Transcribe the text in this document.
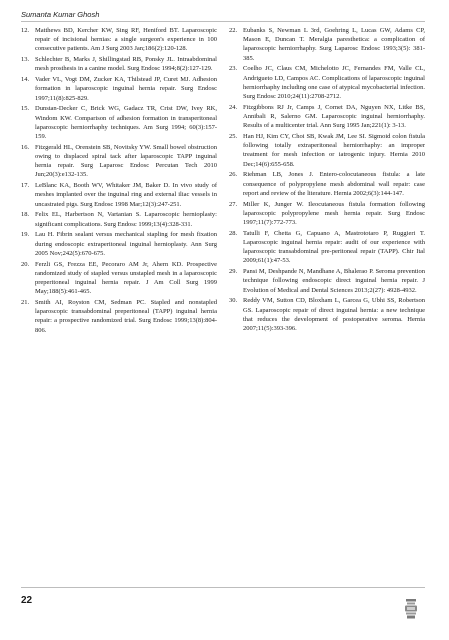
Sumanta Kumar Ghosh
12. Matthews BD, Kercher KW, Sing RF, Heniford BT. Laparoscopic repair of incisional hernias: a single surgeon's experience in 100 consecutive patients. Am J Surg 2003 Jan;186(2):120-128.
13. Schlechter B, Marks J, Shillingstad RB, Ponsky JL. Intraabdominal mesh prosthesis in a canine model. Surg Endosc 1994;8(2):127-129.
14. Vader VL, Vogt DM, Zucker KA, Thilstead JP, Curet MJ. Adhesion formation in laparoscopic inguinal hernia repair. Surg Endosc 1997;11(8):825-829.
15. Dunstan-Decker C, Brick WG, Gadacz TR, Crist DW, Ivey RK, Windom KW. Comparison of adhesion formation in transperitoneal laparoscopic herniorrhaphy techniques. Am Surg 1994; 60(3):157-159.
16. Fitzgerald HL, Orenstein SB, Novitsky YW. Small bowel obstruction owing to displaced spiral tack after laparoscopic TAPP inguinal hernia repair. Surg Laparosc Endosc Percutan Tech 2010 Jun;20(3):e132-135.
17. LeBlanc KA, Booth WV, Whitaker JM, Baker D. In vivo study of meshes implanted over the inguinal ring and external iliac vessels in uncastrated pigs. Surg Endosc 1998 Mar;12(3):247-251.
18. Felix EL, Harbertson N, Vartanian S. Laparoscopic hernioplasty: significant complications. Surg Endosc 1999;13(4):328-331.
19. Lau H. Fibrin sealant versus mechanical stapling for mesh fixation during endoscopic extraperitoneal inguinal hernioplasty. Ann Surg 2005 Nov;242(5):670-675.
20. Ferzli GS, Frezza EE, Pecoraro AM Jr, Ahern KD. Prospective randomized study of stapled versus unstapled mesh in a laparoscopic preperitoneal inguinal hernia repair. J Am Coll Surg 1999 May;188(5):461-465.
21. Smith AI, Royston CM, Sedman PC. Stapled and nonstapled laparoscopic transabdominal preperitoneal (TAPP) inguinal hernia repair: a prospective randomized trial. Surg Endosc 1999;13(8):804-806.
22. Eubanks S, Newman L 3rd, Goehring L, Lucas GW, Adams CP, Mason E, Duncan T. Meralgia paresthetica: a complication of laparoscopic herniorrhaphy. Surg Laparosc Endosc 1993;3(5): 381-385.
23. Coelho JC, Claus CM, Michelotto JC, Fernandes FM, Valle CL, Andrigueto LD, Campos AC. Complications of laparoscopic inguinal herniorrhaphy including one case of atypical mycobacterial infection. Surg Endosc 2010;24(11):2708-2712.
24. Fitzgibbons RJ Jr, Camps J, Cornet DA, Nguyen NX, Litke BS, Annibali R, Salerno GM. Laparoscopic inguinal herniorrhaphy. Results of a multicenter trial. Ann Surg 1995 Jan;221(1): 3-13.
25. Han HJ, Kim CY, Choi SB, Kwak JM, Lee SI. Sigmoid colon fistula following totally extraperitoneal herniorrhaphy: an improper treatment for mesh infection or iatrogenic injury. Hernia 2010 Dec;14(6):655-658.
26. Riehman LB, Jones J. Entero-colocutaneous fistula: a late consequence of polypropylene mesh abdominal wall repair: case report and review of the literature. Hernia 2002;6(3):144-147.
27. Miller K, Junger W. Ileocutaneous fistula formation following laparoscopic polypropylene mesh hernia repair. Surg Endosc 1997;11(7):772-773.
28. Tatulli F, Chetta G, Capuano A, Mastrototaro P, Ruggieri T. Laparoscopic inguinal hernia repair: audit of our experience with laparoscopic transabdominal pre-peritoneal repair (TAPP). Chir Ital 2009;61(1):47-53.
29. Pansi M, Deshpande N, Mandhane A, Bhalerao P. Seroma prevention technique following endoscopic direct inguinal hernia repair. J Evolution of Medical and Dental Sciences 2013;2(27): 4928-4932.
30. Reddy VM, Sutton CD, Bloxham L, Garcea G, Ubhi SS, Robertson GS. Laparoscopic repair of direct inguinal hernia: a new technique that reduces the development of postoperative seroma. Hernia 2007;11(5):393-396.
22
